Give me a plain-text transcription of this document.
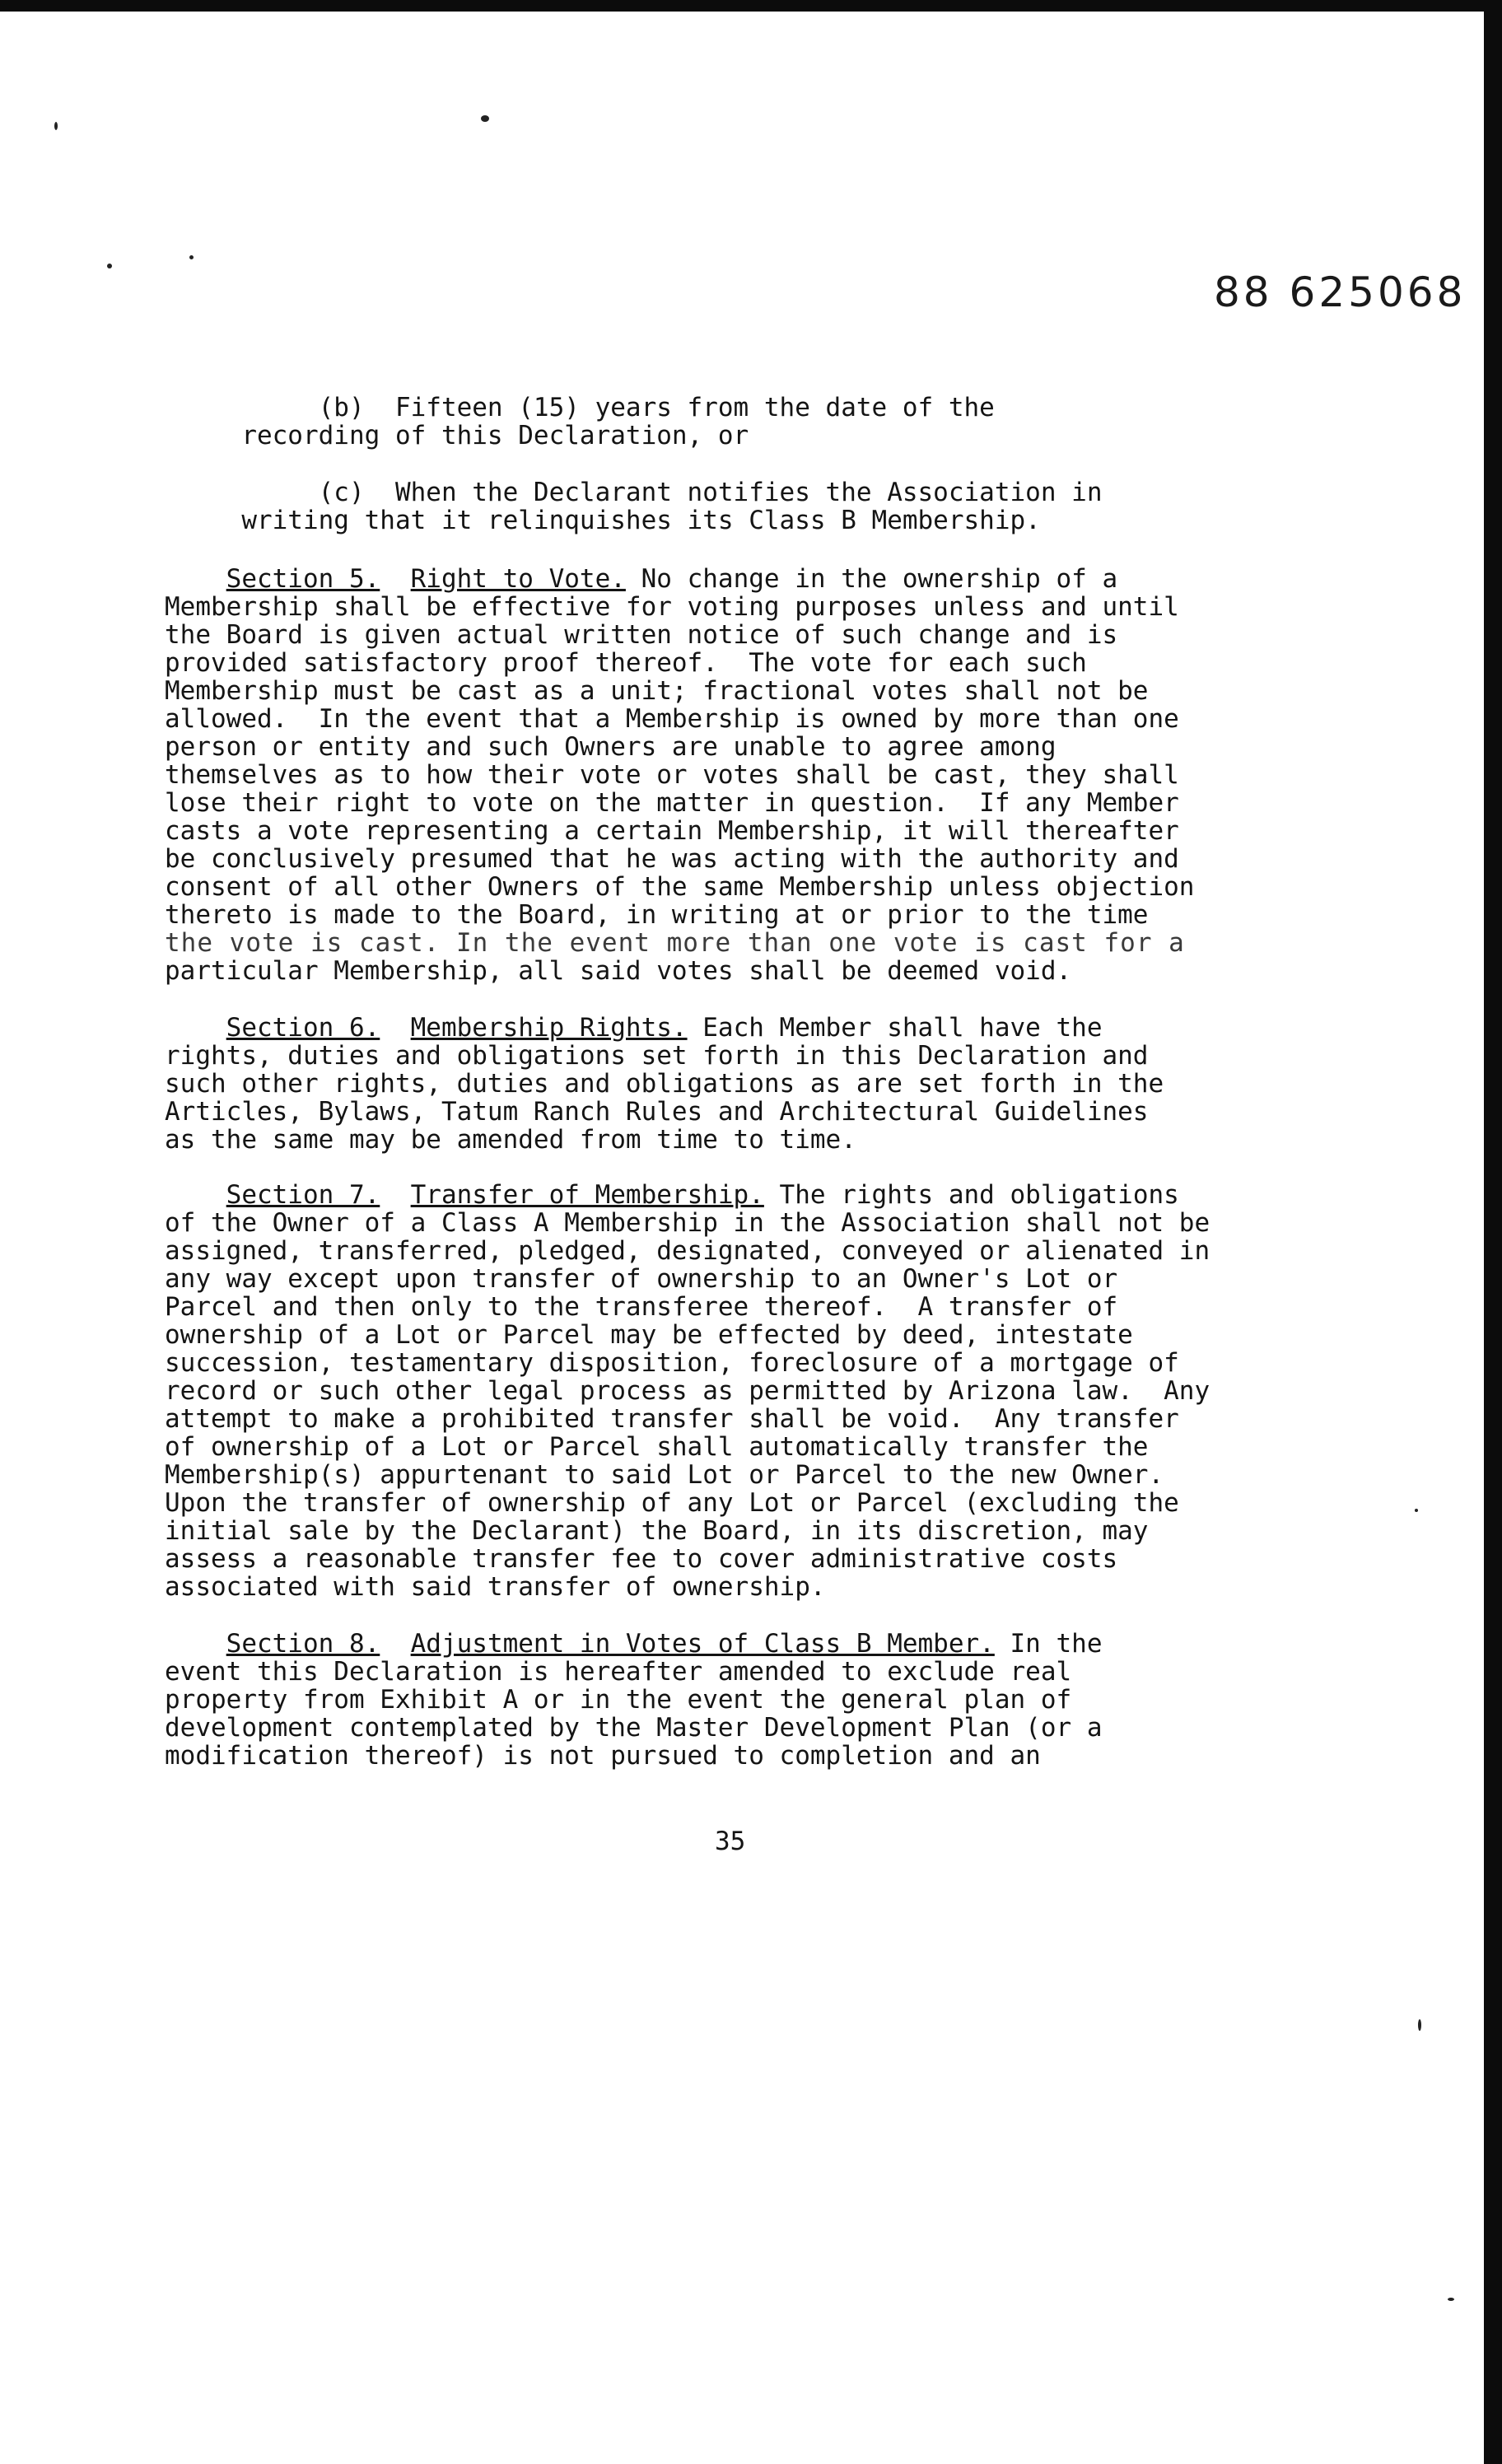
88 625068
(b)  Fifteen (15) years from the date of the
recording of this Declaration, or
(c)  When the Declarant notifies the Association in
writing that it relinquishes its Class B Membership.
Section 5. Right to Vote. No change in the ownership of a
Membership shall be effective for voting purposes unless and until
the Board is given actual written notice of such change and is
provided satisfactory proof thereof.  The vote for each such
Membership must be cast as a unit; fractional votes shall not be
allowed.  In the event that a Membership is owned by more than one
person or entity and such Owners are unable to agree among
themselves as to how their vote or votes shall be cast, they shall
lose their right to vote on the matter in question.  If any Member
casts a vote representing a certain Membership, it will thereafter
be conclusively presumed that he was acting with the authority and
consent of all other Owners of the same Membership unless objection
thereto is made to the Board, in writing at or prior to the time
the vote is cast. In the event more than one vote is cast for a
particular Membership, all said votes shall be deemed void.
Section 6. Membership Rights. Each Member shall have the
rights, duties and obligations set forth in this Declaration and
such other rights, duties and obligations as are set forth in the
Articles, Bylaws, Tatum Ranch Rules and Architectural Guidelines
as the same may be amended from time to time.
Section 7. Transfer of Membership. The rights and obligations
of the Owner of a Class A Membership in the Association shall not be
assigned, transferred, pledged, designated, conveyed or alienated in
any way except upon transfer of ownership to an Owner's Lot or
Parcel and then only to the transferee thereof.  A transfer of
ownership of a Lot or Parcel may be effected by deed, intestate
succession, testamentary disposition, foreclosure of a mortgage of
record or such other legal process as permitted by Arizona law.  Any
attempt to make a prohibited transfer shall be void.  Any transfer
of ownership of a Lot or Parcel shall automatically transfer the
Membership(s) appurtenant to said Lot or Parcel to the new Owner.
Upon the transfer of ownership of any Lot or Parcel (excluding the
initial sale by the Declarant) the Board, in its discretion, may
assess a reasonable transfer fee to cover administrative costs
associated with said transfer of ownership.
Section 8. Adjustment in Votes of Class B Member. In the
event this Declaration is hereafter amended to exclude real
property from Exhibit A or in the event the general plan of
development contemplated by the Master Development Plan (or a
modification thereof) is not pursued to completion and an
35
